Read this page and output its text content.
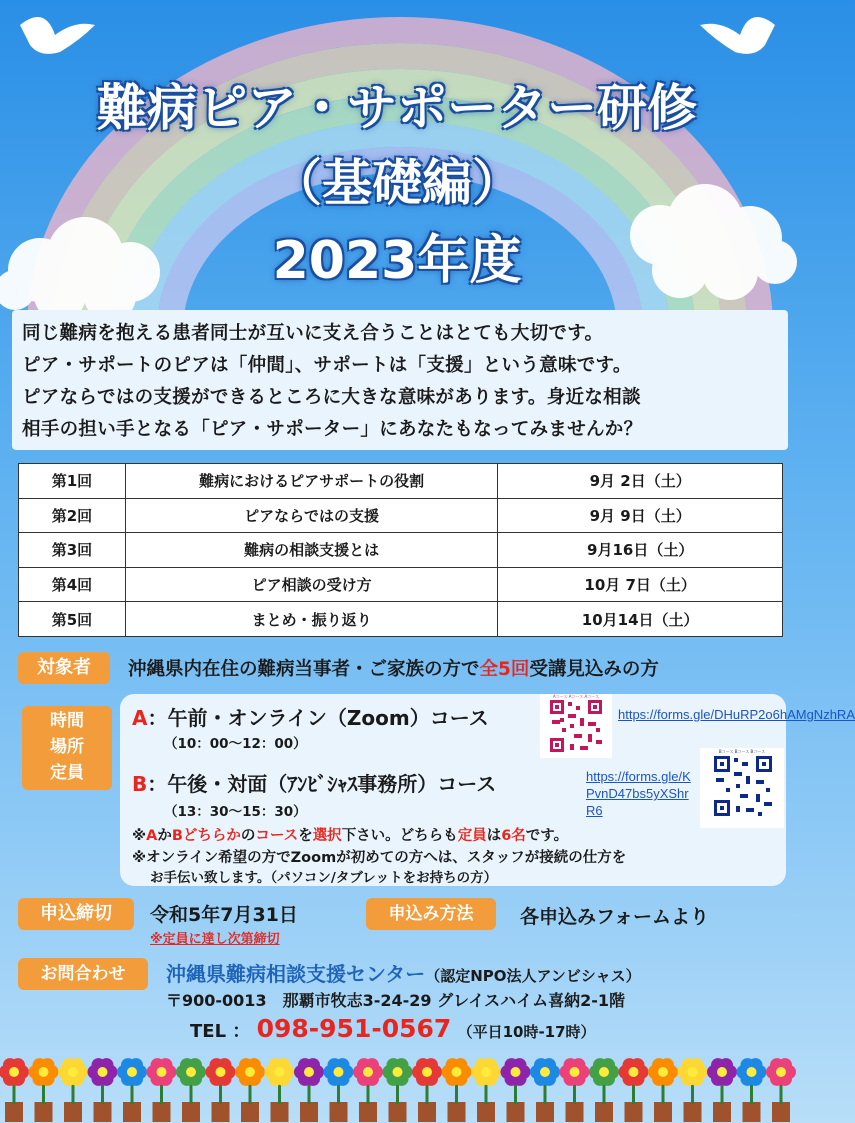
難病ピア・サポーター研修
（基礎編）
2023年度
同じ難病を抱える患者同士が互いに支え合うことはとても大切です。
ピア・サポートのピアは「仲間」、サポートは「支援」という意味です。
ピアならではの支援ができるところに大きな意味があります。身近な相談
相手の担い手となる「ピア・サポーター」にあなたもなってみませんか？
第1回	難病におけるピアサポートの役割	9月 2日（土）
第2回	ピアならではの支援	9月 9日（土）
第3回	難病の相談支援とは	9月16日（土）
第4回	ピア相談の受け方	10月 7日（土）
第5回	まとめ・振り返り	10月14日（土）
対象者	沖縄県内在住の難病当事者・ご家族の方で全5回受講見込みの方
時間
場所
定員
A：午前・オンライン（Zoom）コース
（10：00～12：00）
Aコース Aコース Aコース
https://forms.gle/DHuRP2o6hAMgNzhRA
B：午後・対面（ｱﾝﾋﾞｼｬｽ事務所）コース
（13：30～15：30）
https://forms.gle/KPvnD47bs5yXShrR6
Bコース Bコース Bコース
※AかBどちらかのコースを選択下さい。どちらも定員は6名です。
※オンライン希望の方でZoomが初めての方へは、スタッフが接続の仕方を
お手伝い致します。（パソコン/タブレットをお持ちの方）
申込締切	令和5年7月31日
※定員に達し次第締切
申込み方法	各申込みフォームより
お問合わせ	沖縄県難病相談支援センター（認定NPO法人アンビシャス）
〒900-0013　那覇市牧志3-24-29 グレイスハイム喜納2-1階
TEL ： 098-951-0567 （平日10時-17時）
